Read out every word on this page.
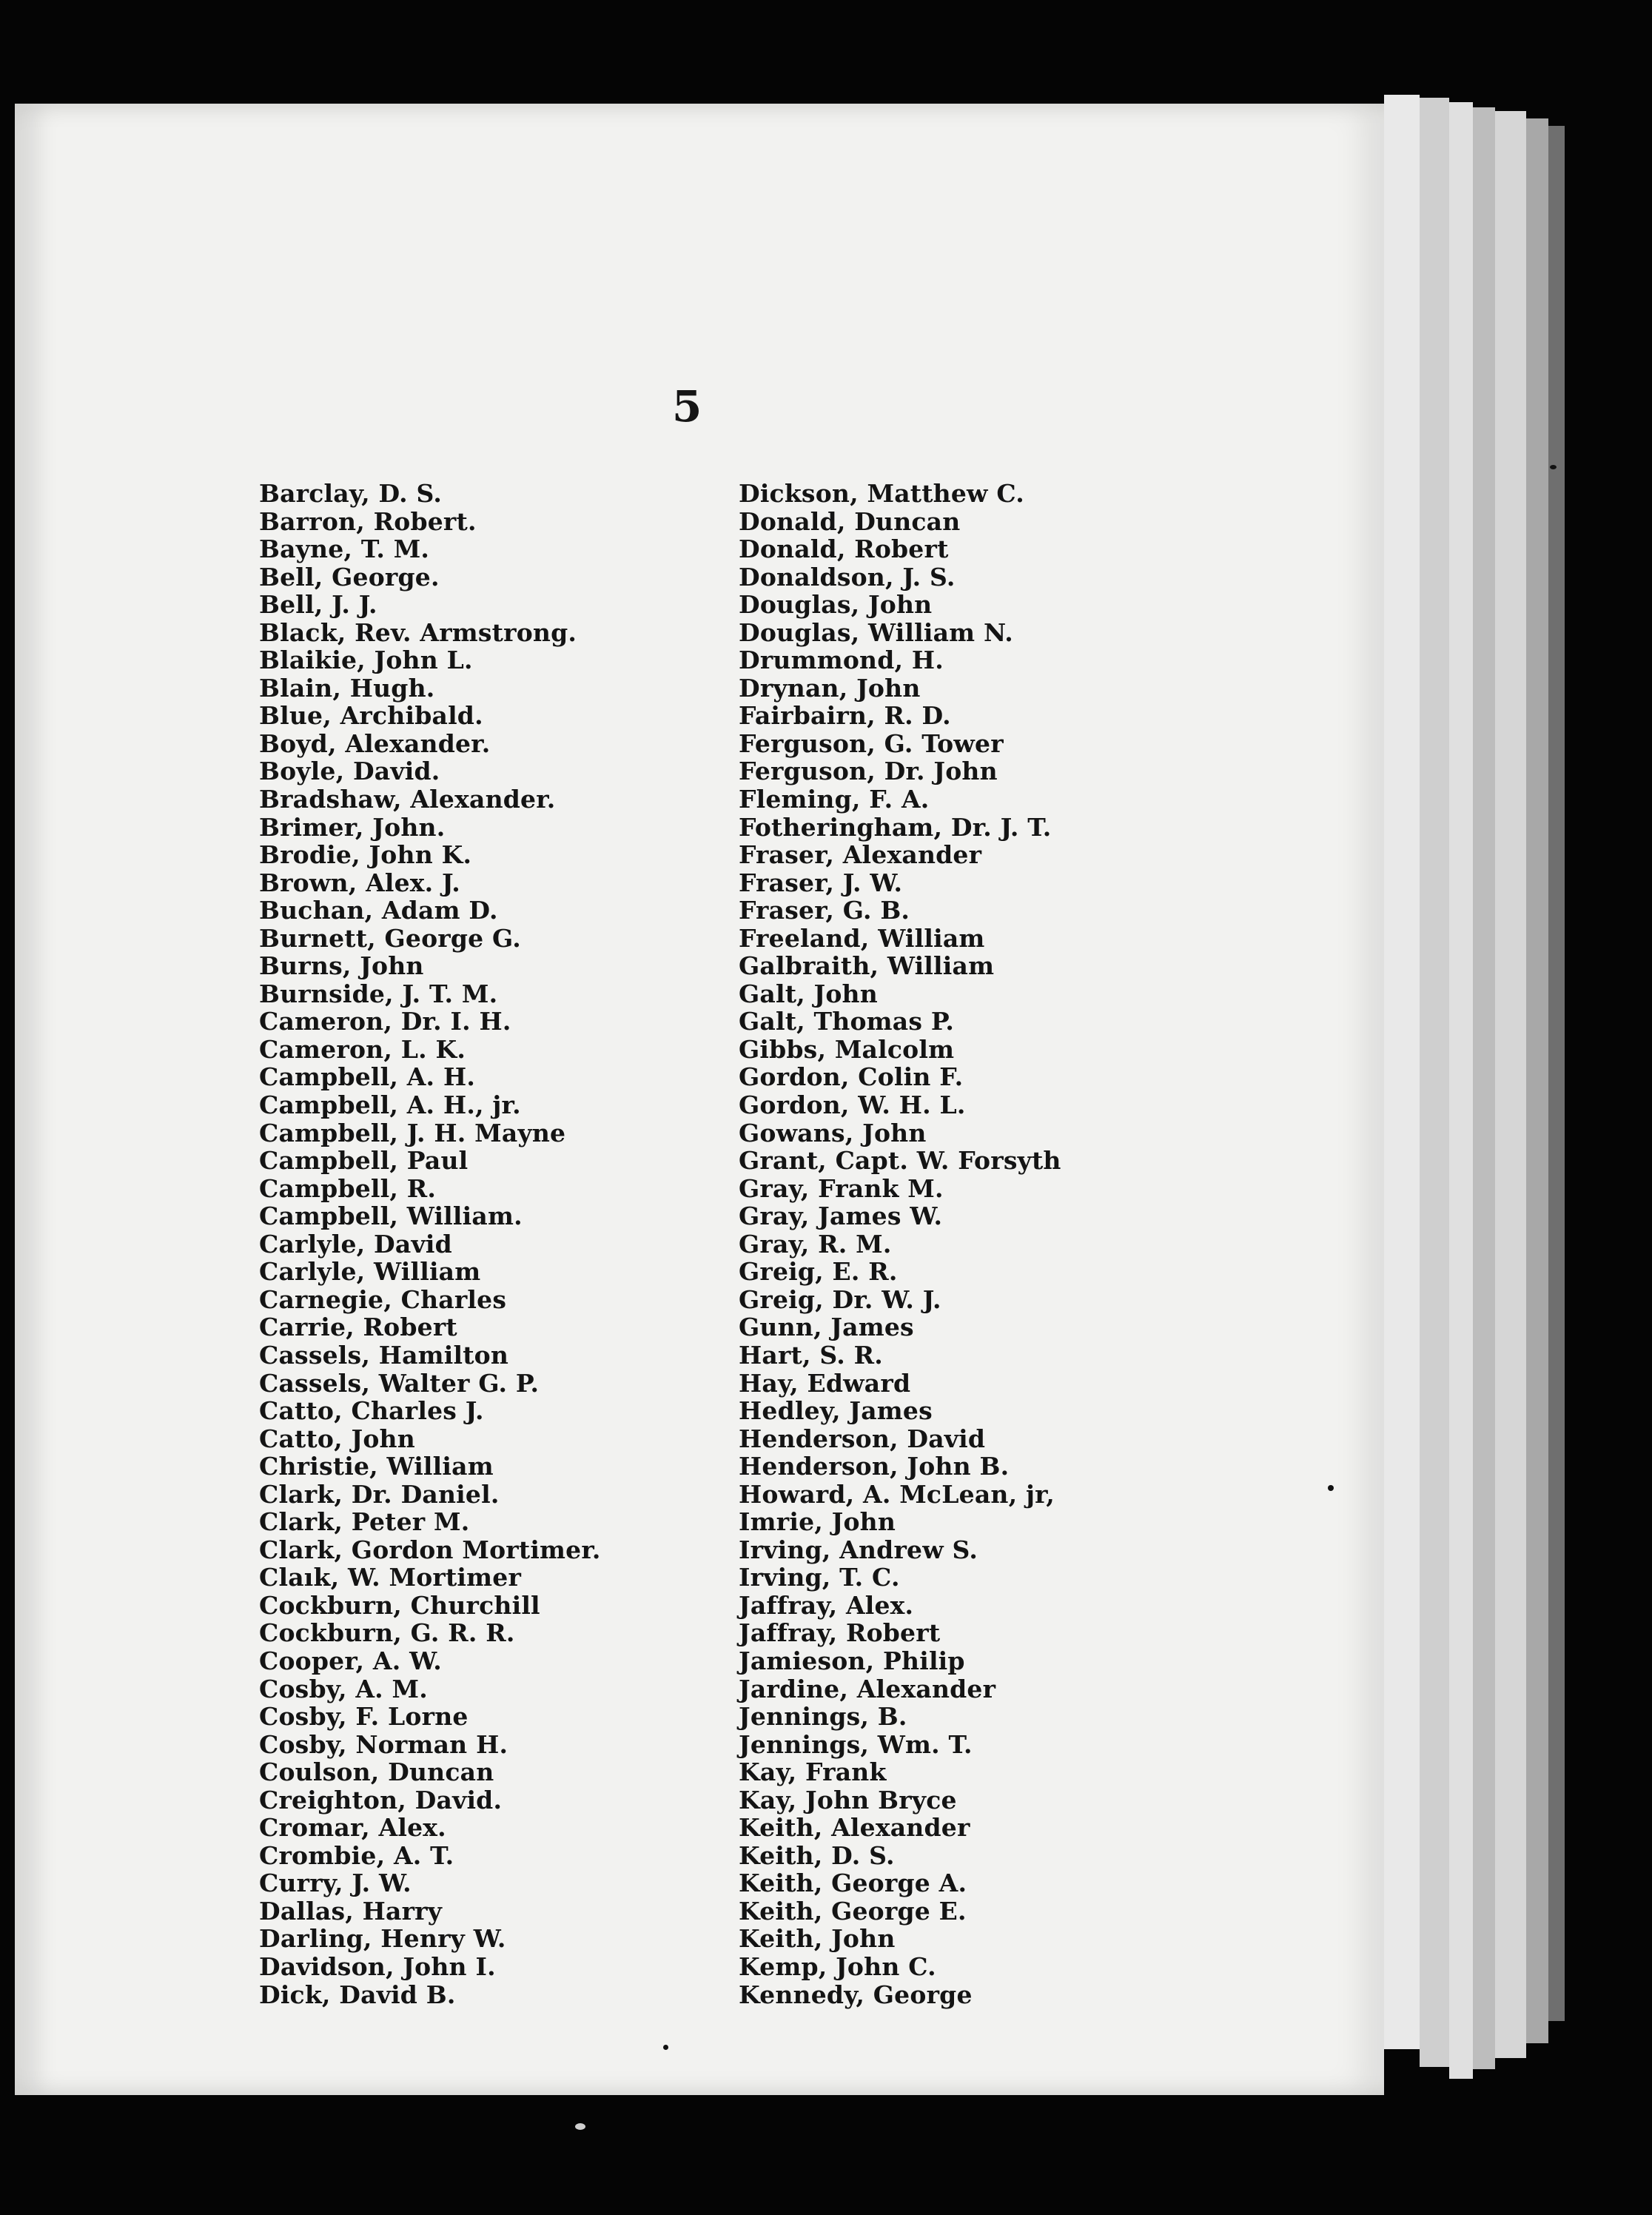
5
Barclay, D. S.
Barron, Robert.
Bayne, T. M.
Bell, George.
Bell, J. J.
Black, Rev. Armstrong.
Blaikie, John L.
Blain, Hugh.
Blue, Archibald.
Boyd, Alexander.
Boyle, David.
Bradshaw, Alexander.
Brimer, John.
Brodie, John K.
Brown, Alex. J.
Buchan, Adam D.
Burnett, George G.
Burns, John
Burnside, J. T. M.
Cameron, Dr. I. H.
Cameron, L. K.
Campbell, A. H.
Campbell, A. H., jr.
Campbell, J. H. Mayne
Campbell, Paul
Campbell, R.
Campbell, William.
Carlyle, David
Carlyle, William
Carnegie, Charles
Carrie, Robert
Cassels, Hamilton
Cassels, Walter G. P.
Catto, Charles J.
Catto, John
Christie, William
Clark, Dr. Daniel.
Clark, Peter M.
Clark, Gordon Mortimer.
Claık, W. Mortimer
Cockburn, Churchill
Cockburn, G. R. R.
Cooper, A. W.
Cosby, A. M.
Cosby, F. Lorne
Cosby, Norman H.
Coulson, Duncan
Creighton, David.
Cromar, Alex.
Crombie, A. T.
Curry, J. W.
Dallas, Harry
Darling, Henry W.
Davidson, John I.
Dick, David B.
Dickson, Matthew C.
Donald, Duncan
Donald, Robert
Donaldson, J. S.
Douglas, John
Douglas, William N.
Drummond, H.
Drynan, John
Fairbairn, R. D.
Ferguson, G. Tower
Ferguson, Dr. John
Fleming, F. A.
Fotheringham, Dr. J. T.
Fraser, Alexander
Fraser, J. W.
Fraser, G. B.
Freeland, William
Galbraith, William
Galt, John
Galt, Thomas P.
Gibbs, Malcolm
Gordon, Colin F.
Gordon, W. H. L.
Gowans, John
Grant, Capt. W. Forsyth
Gray, Frank M.
Gray, James W.
Gray, R. M.
Greig, E. R.
Greig, Dr. W. J.
Gunn, James
Hart, S. R.
Hay, Edward
Hedley, James
Henderson, David
Henderson, John B.
Howard, A. McLean, jr,
Imrie, John
Irving, Andrew S.
Irving, T. C.
Jaffray, Alex.
Jaffray, Robert
Jamieson, Philip
Jardine, Alexander
Jennings, B.
Jennings, Wm. T.
Kay, Frank
Kay, John Bryce
Keith, Alexander
Keith, D. S.
Keith, George A.
Keith, George E.
Keith, John
Kemp, John C.
Kennedy, George
